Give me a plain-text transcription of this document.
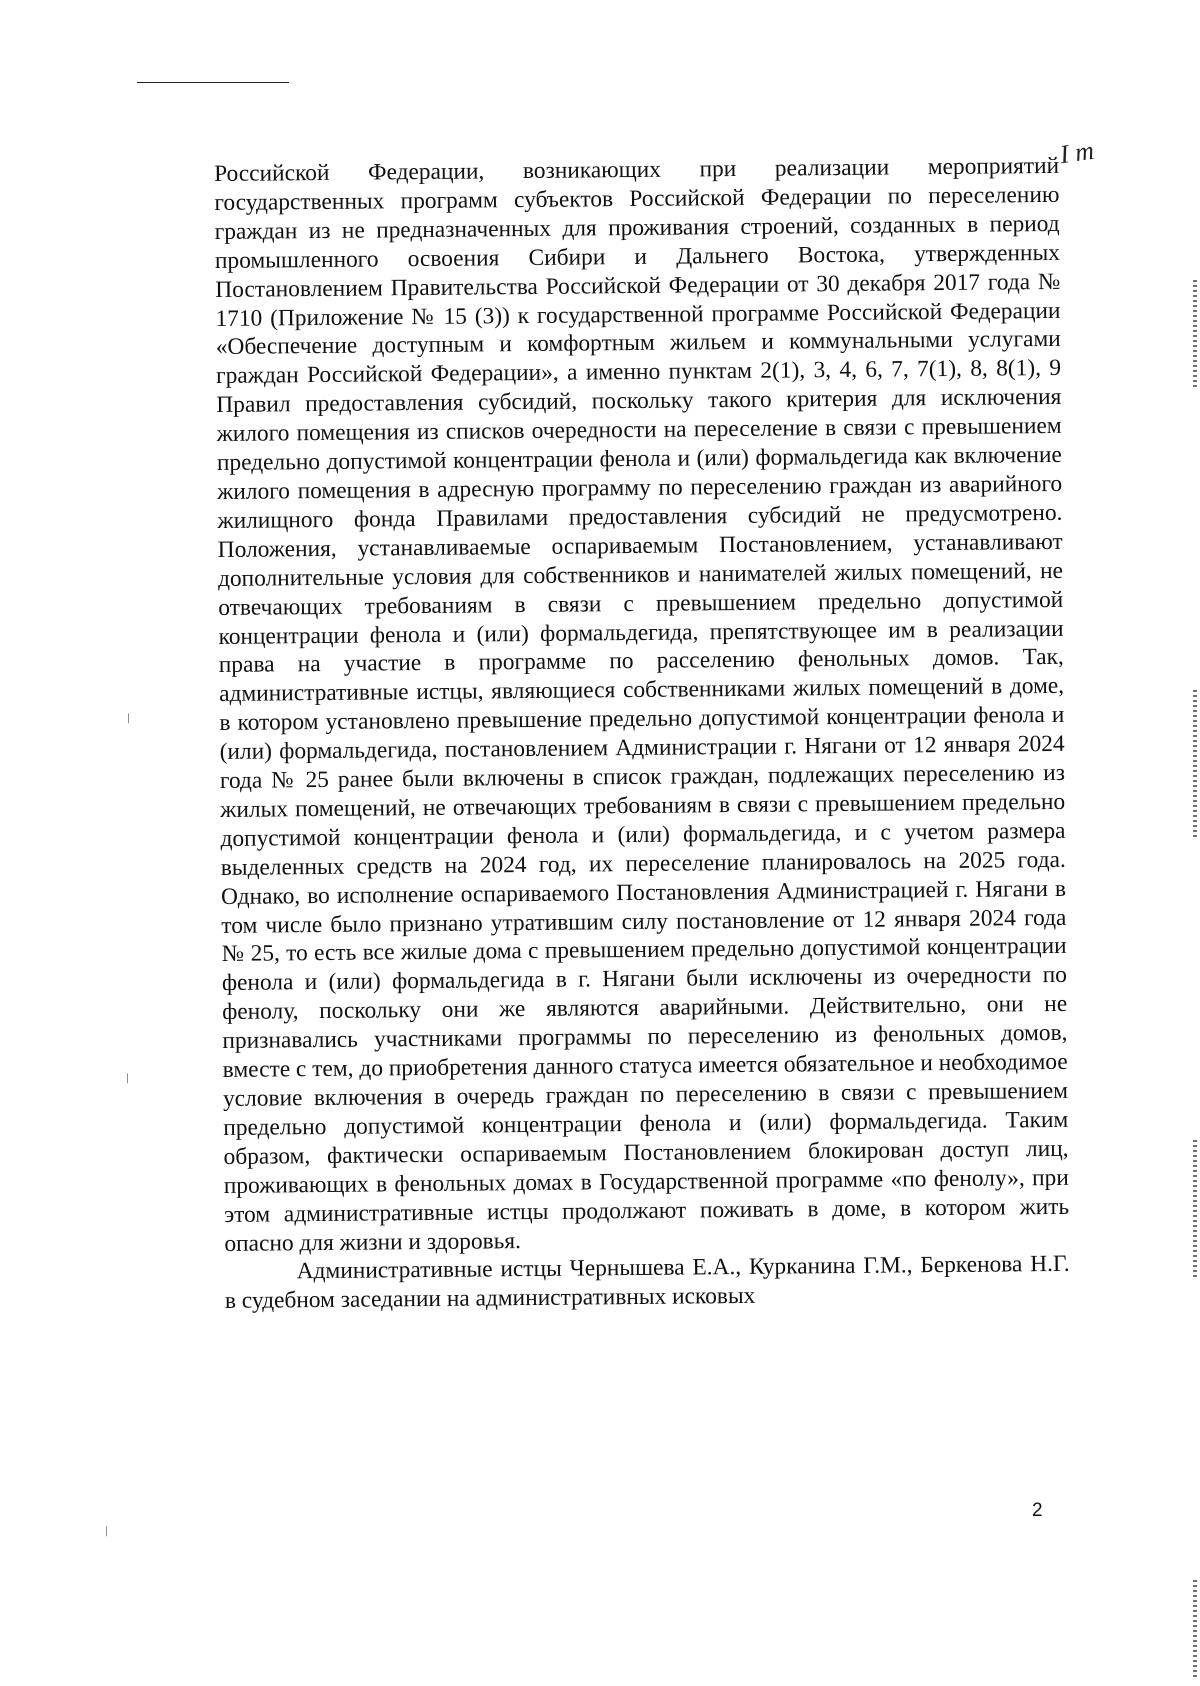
I m

Российской Федерации, возникающих при реализации мероприятий государственных программ субъектов Российской Федерации по переселению граждан из не предназначенных для проживания строений, созданных в период промышленного освоения Сибири и Дальнего Востока, утвержденных Постановлением Правительства Российской Федерации от 30 декабря 2017 года № 1710 (Приложение № 15 (3)) к государственной программе Российской Федерации «Обеспечение доступным и комфортным жильем и коммунальными услугами граждан Российской Федерации», а именно пунктам 2(1), 3, 4, 6, 7, 7(1), 8, 8(1), 9 Правил предоставления субсидий, поскольку такого критерия для исключения жилого помещения из списков очередности на переселение в связи с превышением предельно допустимой концентрации фенола и (или) формальдегида как включение жилого помещения в адресную программу по переселению граждан из аварийного жилищного фонда Правилами предоставления субсидий не предусмотрено. Положения, устанавливаемые оспариваемым Постановлением, устанавливают дополнительные условия для собственников и нанимателей жилых помещений, не отвечающих требованиям в связи с превышением предельно допустимой концентрации фенола и (или) формальдегида, препятствующее им в реализации права на участие в программе по расселению фенольных домов. Так, административные истцы, являющиеся собственниками жилых помещений в доме, в котором установлено превышение предельно допустимой концентрации фенола и (или) формальдегида, постановлением Администрации г. Нягани от 12 января 2024 года № 25 ранее были включены в список граждан, подлежащих переселению из жилых помещений, не отвечающих требованиям в связи с превышением предельно допустимой концентрации фенола и (или) формальдегида, и с учетом размера выделенных средств на 2024 год, их переселение планировалось на 2025 года. Однако, во исполнение оспариваемого Постановления Администрацией г. Нягани в том числе было признано утратившим силу постановление от 12 января 2024 года № 25, то есть все жилые дома с превышением предельно допустимой концентрации фенола и (или) формальдегида в г. Нягани были исключены из очередности по фенолу, поскольку они же являются аварийными. Действительно, они не признавались участниками программы по переселению из фенольных домов, вместе с тем, до приобретения данного статуса имеется обязательное и необходимое условие включения в очередь граждан по переселению в связи с превышением предельно допустимой концентрации фенола и (или) формальдегида. Таким образом, фактически оспариваемым Постановлением блокирован доступ лиц, проживающих в фенольных домах в Государственной программе «по фенолу», при этом административные истцы продолжают поживать в доме, в котором жить опасно для жизни и здоровья.

Административные истцы Чернышева Е.А., Курканина Г.М., Беркенова Н.Г. в судебном заседании на административных исковых

2
